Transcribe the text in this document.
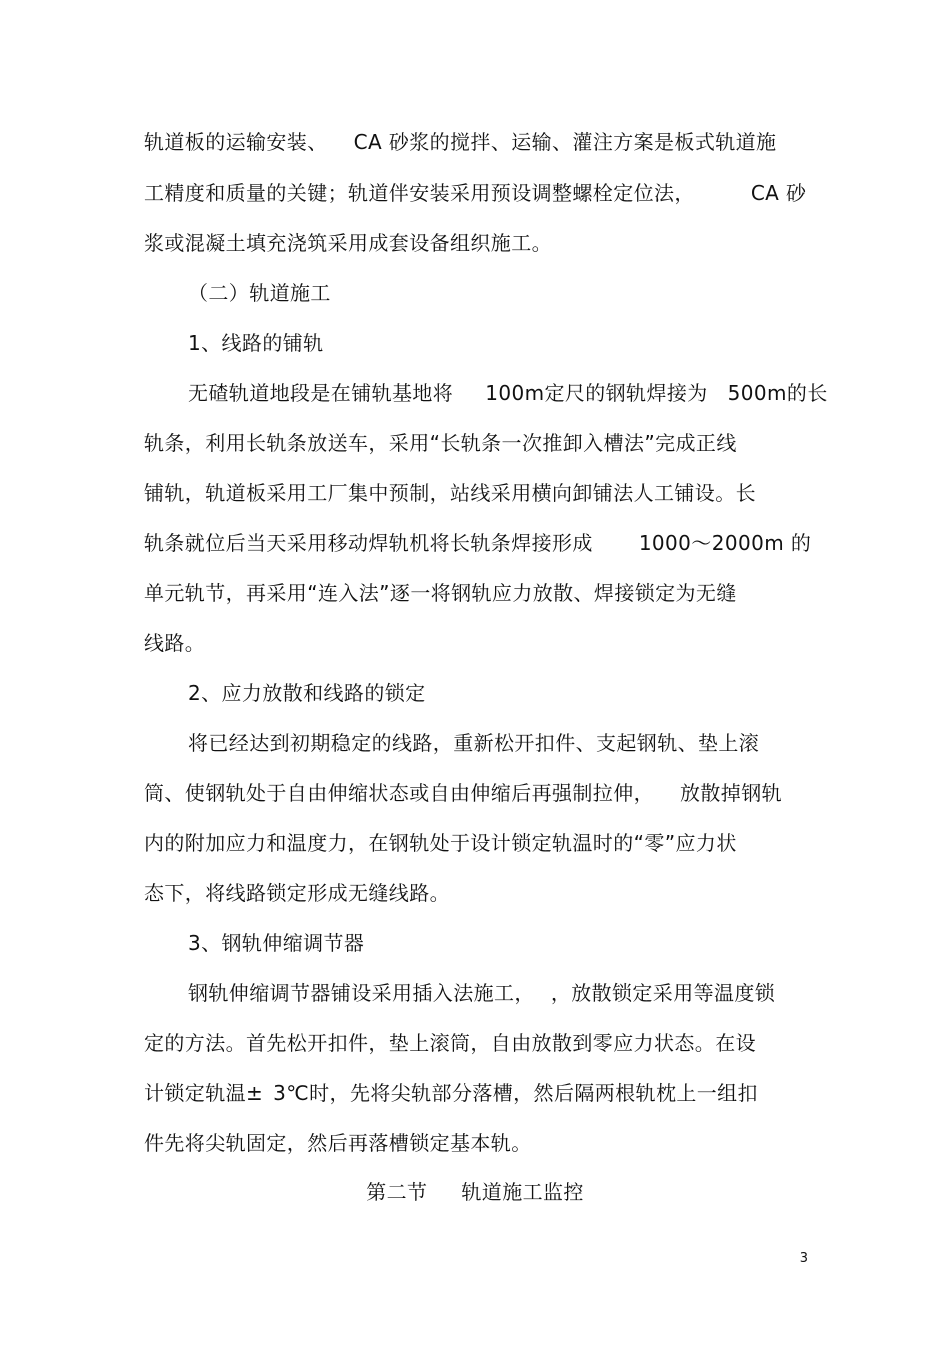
轨道板的运输安装、 CA 砂浆的搅拌、运输、灌注方案是板式轨道施
工精度和质量的关键；轨道伴安装采用预设调整螺栓定位法，	CA 砂
浆或混凝土填充浇筑采用成套设备组织施工。
（二）轨道施工
1、线路的铺轨
无碴轨道地段是在铺轨基地将 100m定尺的钢轨焊接为 500m的长
轨条，利用长轨条放送车，采用“长轨条一次推卸入槽法”完成正线
铺轨，轨道板采用工厂集中预制，站线采用横向卸铺法人工铺设。长
轨条就位后当天采用移动焊轨机将长轨条焊接形成 1000～2000m 的
单元轨节，再采用“连入法”逐一将钢轨应力放散、焊接锁定为无缝
线路。
2、应力放散和线路的锁定
将已经达到初期稳定的线路，重新松开扣件、支起钢轨、垫上滚
筒、使钢轨处于自由伸缩状态或自由伸缩后再强制拉伸， 放散掉钢轨
内的附加应力和温度力，在钢轨处于设计锁定轨温时的“零”应力状
态下，将线路锁定形成无缝线路。
3、钢轨伸缩调节器
钢轨伸缩调节器铺设采用插入法施工， ，放散锁定采用等温度锁
定的方法。首先松开扣件，垫上滚筒，自由放散到零应力状态。在设
计锁定轨温± 3℃时，先将尖轨部分落槽，然后隔两根轨枕上一组扣
件先将尖轨固定，然后再落槽锁定基本轨。
第二节 轨道施工监控
3
